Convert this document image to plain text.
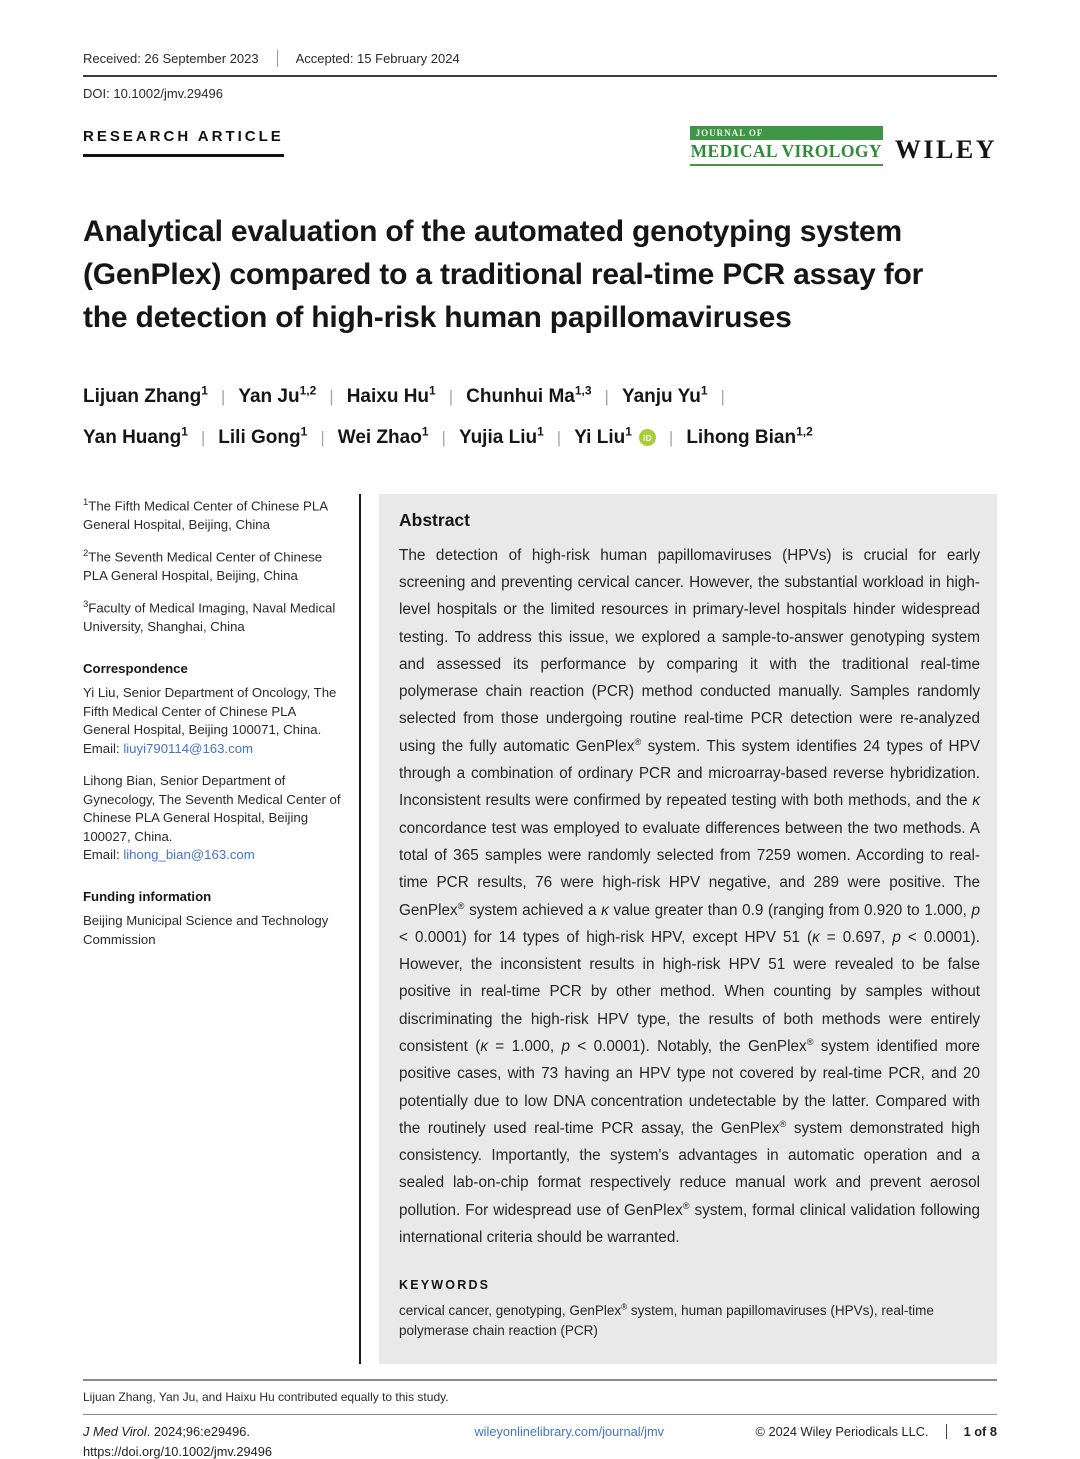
Received: 26 September 2023	Accepted: 15 February 2024
DOI: 10.1002/jmv.29496
RESEARCH ARTICLE	JOURNAL OF
MEDICAL VIROLOGY WILEY
Analytical evaluation of the automated genotyping system
(GenPlex) compared to a traditional real-time PCR assay for
the detection of high-risk human papillomaviruses
Lijuan Zhang$^1$ | Yan Ju$^{1,2}$ | Haixu Hu$^1$ | Chunhui Ma$^{1,3}$ | Yanju Yu$^1$ |
Yan Huang$^1$ | Lili Gong$^1$ | Wei Zhao$^1$ | Yujia Liu$^1$ | Yi Liu$^1$ iD | Lihong Bian$^{1,2}$
$^1$The Fifth Medical Center of Chinese PLA General Hospital, Beijing, China
$^2$The Seventh Medical Center of Chinese PLA General Hospital, Beijing, China
$^3$Faculty of Medical Imaging, Naval Medical University, Shanghai, China
Correspondence

Yi Liu, Senior Department of Oncology, The Fifth Medical Center of Chinese PLA General Hospital, Beijing 100071, China.
Email: liuyi790114@163.com

Lihong Bian, Senior Department of Gynecology, The Seventh Medical Center of Chinese PLA General Hospital, Beijing 100027, China.
Email: lihong_bian@163.com

Funding information
Beijing Municipal Science and Technology Commission
Abstract

The detection of high-risk human papillomaviruses (HPVs) is crucial for early screening and preventing cervical cancer. However, the substantial workload in high-level hospitals or the limited resources in primary-level hospitals hinder widespread testing. To address this issue, we explored a sample-to-answer genotyping system and assessed its performance by comparing it with the traditional real-time polymerase chain reaction (PCR) method conducted manually. Samples randomly selected from those undergoing routine real-time PCR detection were re-analyzed using the fully automatic GenPlex® system. This system identifies 24 types of HPV through a combination of ordinary PCR and microarray-based reverse hybridization. Inconsistent results were confirmed by repeated testing with both methods, and the κ concordance test was employed to evaluate differences between the two methods. A total of 365 samples were randomly selected from 7259 women. According to real-time PCR results, 76 were high-risk HPV negative, and 289 were positive. The GenPlex® system achieved a κ value greater than 0.9 (ranging from 0.920 to 1.000, p < 0.0001) for 14 types of high-risk HPV, except HPV 51 (κ = 0.697, p < 0.0001). However, the inconsistent results in high-risk HPV 51 were revealed to be false positive in real-time PCR by other method. When counting by samples without discriminating the high-risk HPV type, the results of both methods were entirely consistent (κ = 1.000, p < 0.0001). Notably, the GenPlex® system identified more positive cases, with 73 having an HPV type not covered by real-time PCR, and 20 potentially due to low DNA concentration undetectable by the latter. Compared with the routinely used real-time PCR assay, the GenPlex® system demonstrated high consistency. Importantly, the system's advantages in automatic operation and a sealed lab-on-chip format respectively reduce manual work and prevent aerosol pollution. For widespread use of GenPlex® system, formal clinical validation following international criteria should be warranted.

KEYWORDS

cervical cancer, genotyping, GenPlex® system, human papillomaviruses (HPVs), real-time polymerase chain reaction (PCR)

Lijuan Zhang, Yan Ju, and Haixu Hu contributed equally to this study.
J Med Virol. 2024;96:e29496.	wileyonlinelibrary.com/journal/jmv	© 2024 Wiley Periodicals LLC.	1 of 8
https://doi.org/10.1002/jmv.29496
